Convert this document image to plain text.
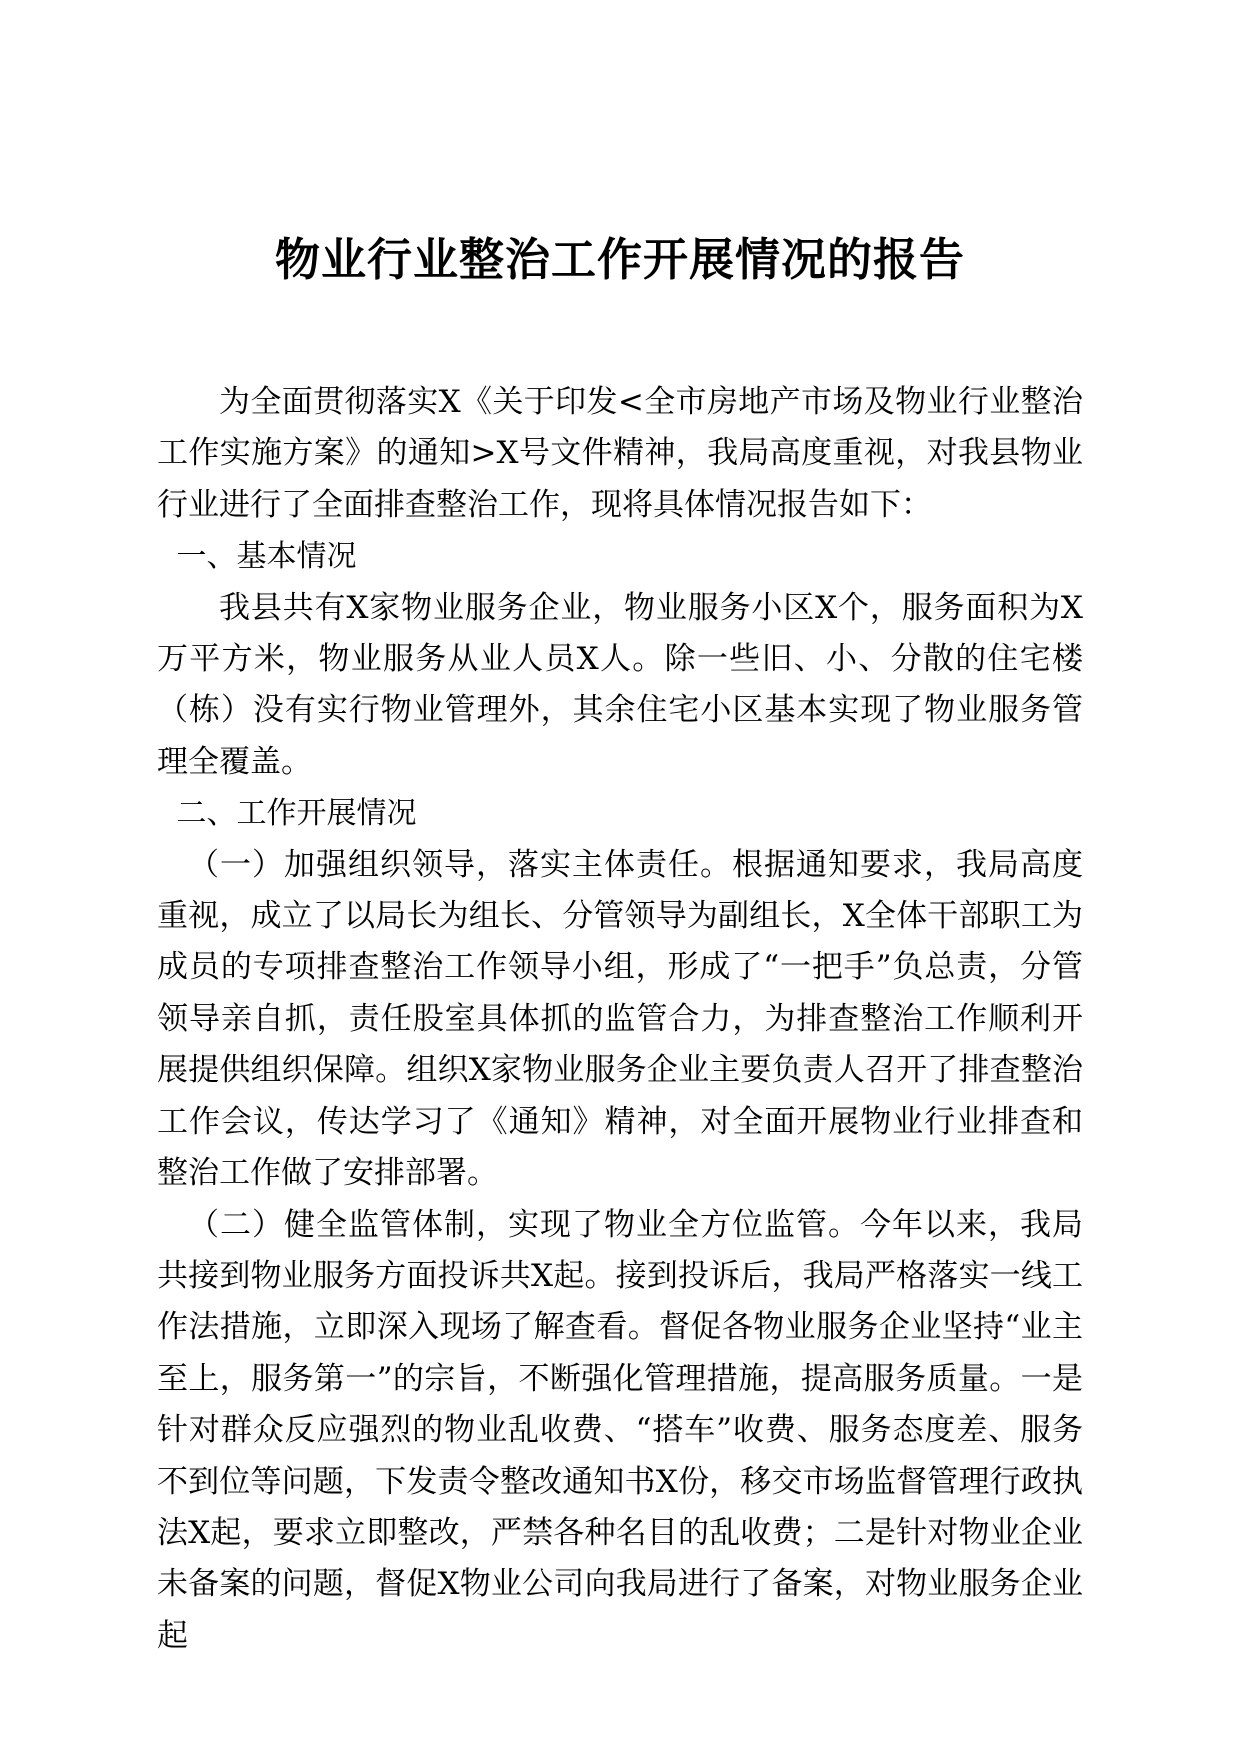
物业行业整治工作开展情况的报告

为全面贯彻落实X《关于印发<全市房地产市场及物业行业整治工作实施方案》的通知>X号文件精神，我局高度重视，对我县物业行业进行了全面排查整治工作，现将具体情况报告如下：

一、基本情况

我县共有X家物业服务企业，物业服务小区X个，服务面积为X万平方米，物业服务从业人员X人。除一些旧、小、分散的住宅楼（栋）没有实行物业管理外，其余住宅小区基本实现了物业服务管理全覆盖。

二、工作开展情况

（一）加强组织领导，落实主体责任。根据通知要求，我局高度重视，成立了以局长为组长、分管领导为副组长，X全体干部职工为成员的专项排查整治工作领导小组，形成了“一把手”负总责，分管领导亲自抓，责任股室具体抓的监管合力，为排查整治工作顺利开展提供组织保障。组织X家物业服务企业主要负责人召开了排查整治工作会议，传达学习了《通知》精神，对全面开展物业行业排查和整治工作做了安排部署。

（二）健全监管体制，实现了物业全方位监管。今年以来，我局共接到物业服务方面投诉共X起。接到投诉后，我局严格落实一线工作法措施，立即深入现场了解查看。督促各物业服务企业坚持“业主至上，服务第一”的宗旨，不断强化管理措施，提高服务质量。一是针对群众反应强烈的物业乱收费、“搭车”收费、服务态度差、服务不到位等问题，下发责令整改通知书X份，移交市场监督管理行政执法X起，要求立即整改，严禁各种名目的乱收费；二是针对物业企业未备案的问题，督促X物业公司向我局进行了备案，对物业服务企业起
